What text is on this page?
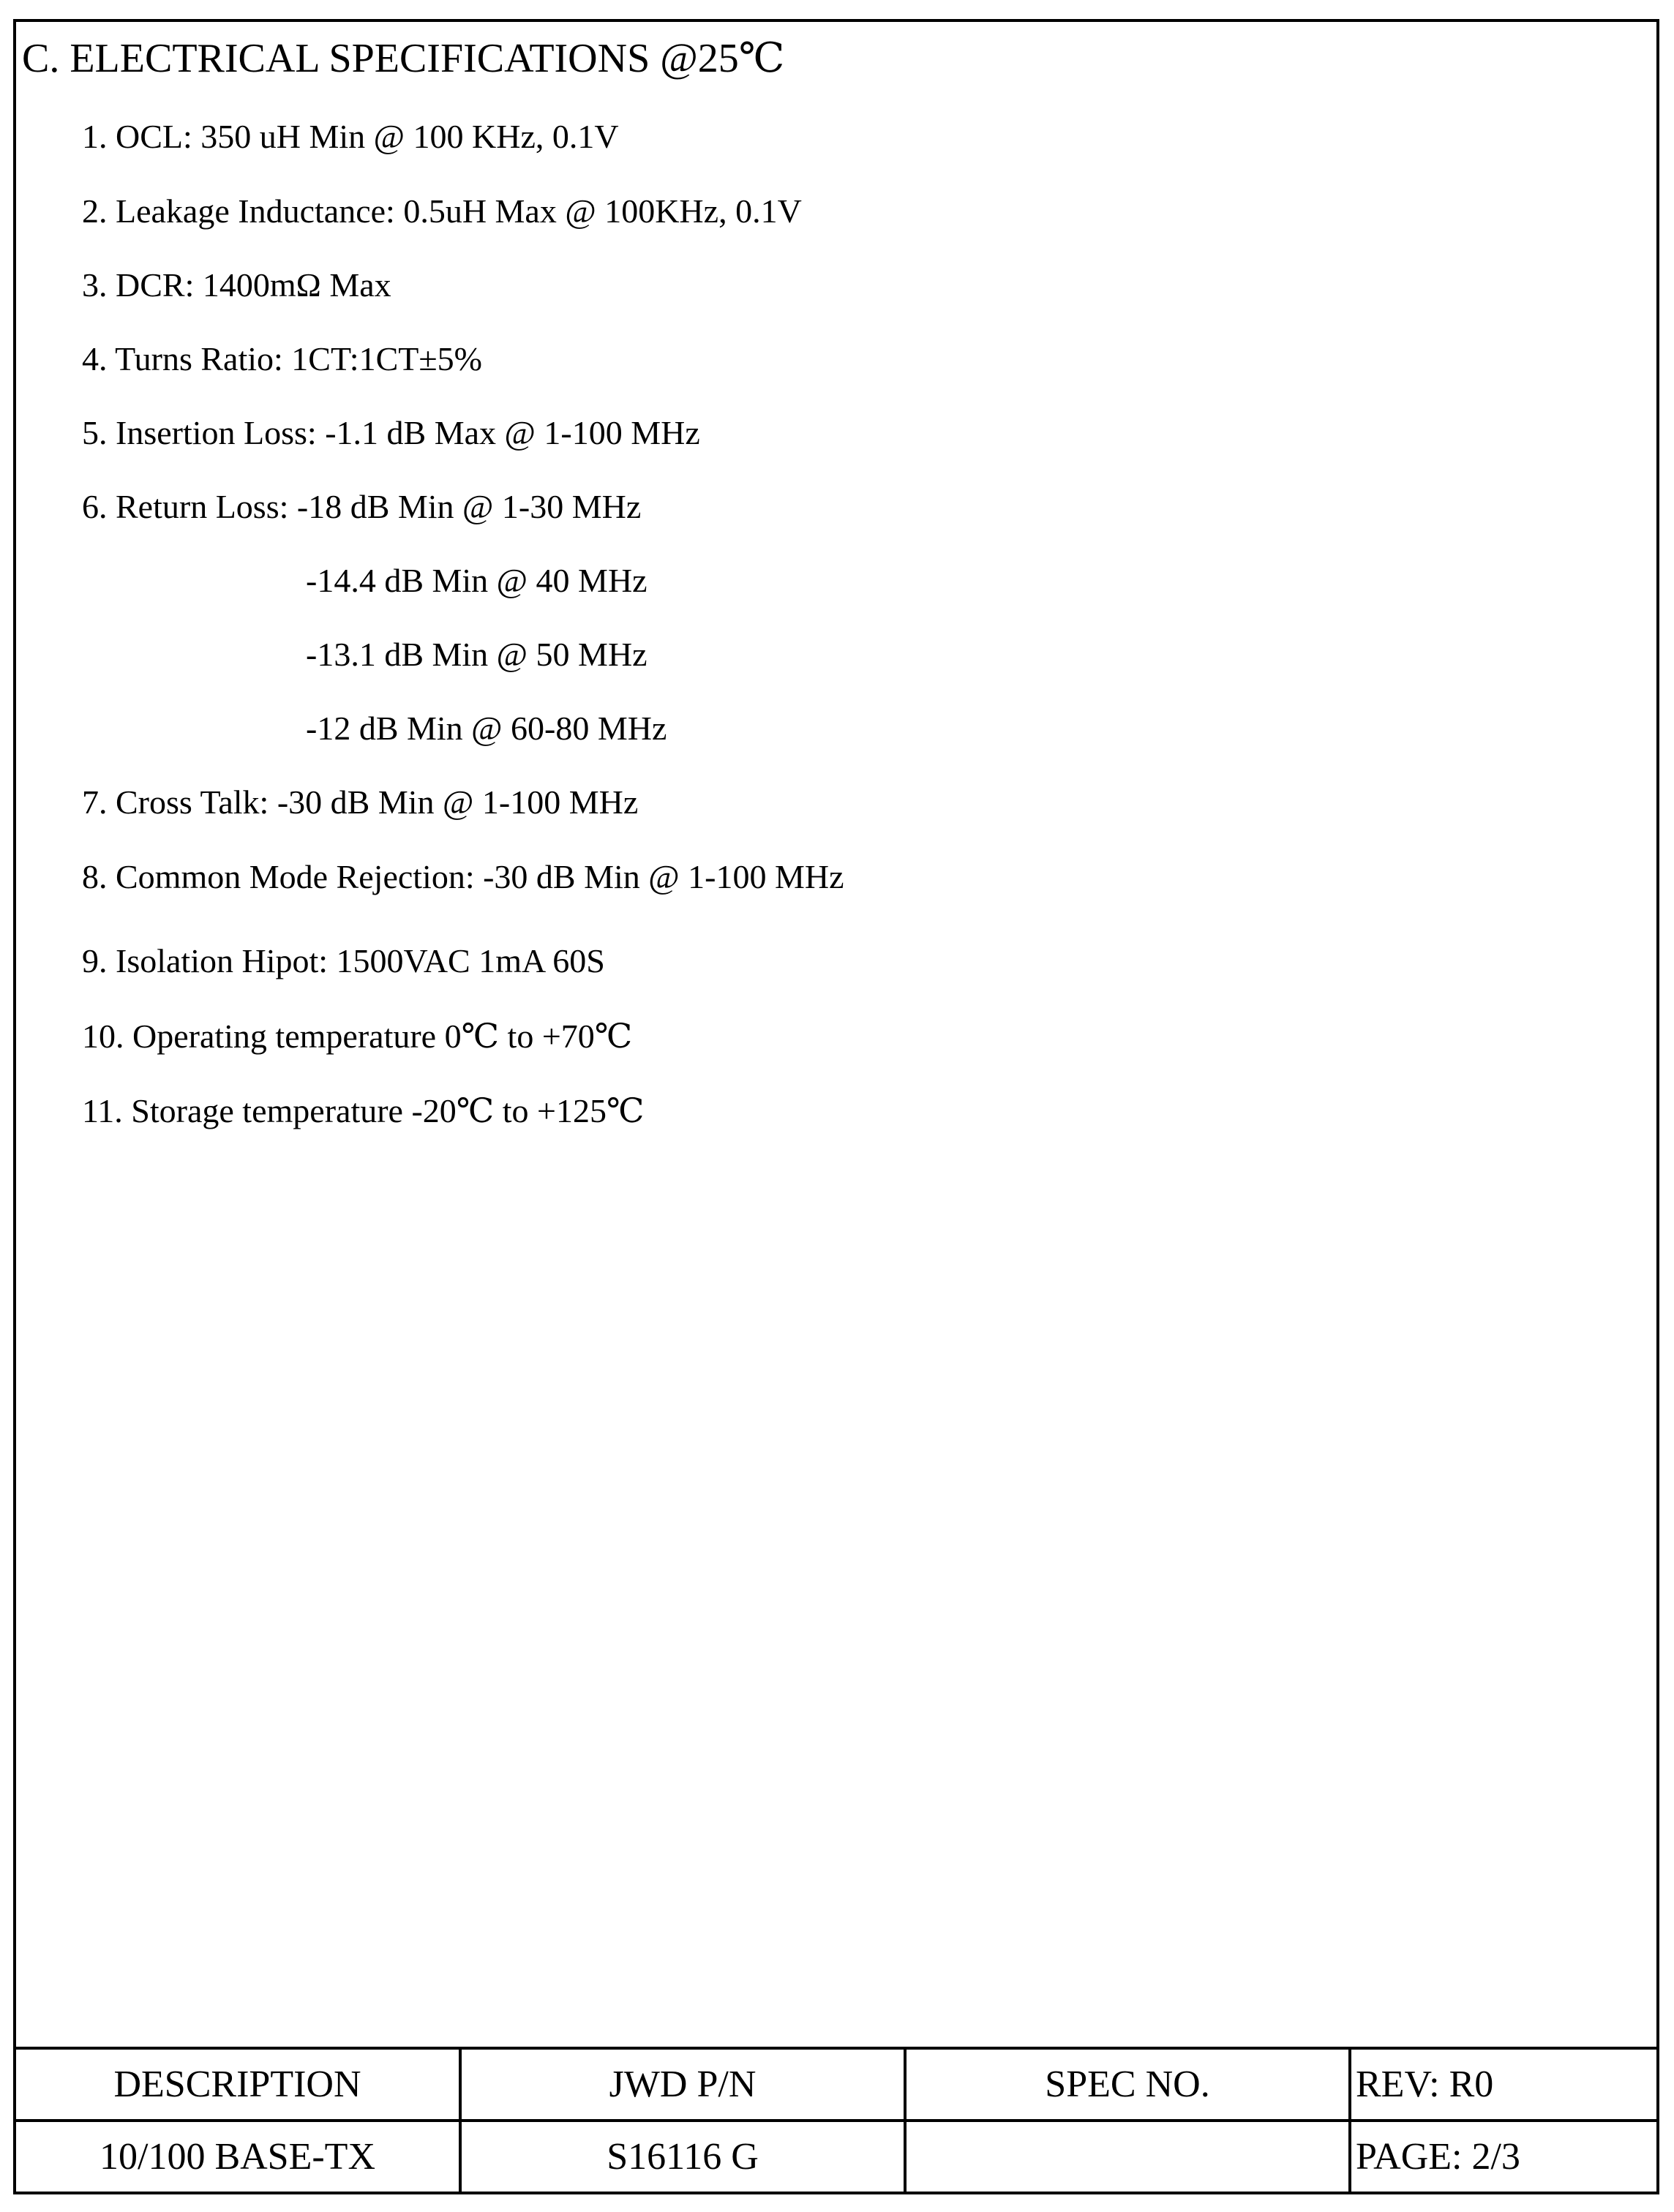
C. ELECTRICAL SPECIFICATIONS @25℃
1. OCL: 350 uH Min @ 100 KHz, 0.1V
2. Leakage Inductance: 0.5uH Max @ 100KHz, 0.1V
3. DCR: 1400mΩ Max
4. Turns Ratio: 1CT:1CT±5%
5. Insertion Loss: -1.1 dB Max @ 1-100 MHz
6. Return Loss: -18 dB Min @ 1-30 MHz
-14.4 dB Min @ 40 MHz
-13.1 dB Min @ 50 MHz
-12 dB Min @ 60-80 MHz
7. Cross Talk: -30 dB Min @ 1-100 MHz
8. Common Mode Rejection: -30 dB Min @ 1-100 MHz
9. Isolation Hipot: 1500VAC 1mA 60S
10. Operating temperature 0℃ to +70℃
11. Storage temperature -20℃ to +125℃
DESCRIPTION	JWD P/N	SPEC NO.	REV: R0
10/100 BASE-TX	S16116 G		PAGE: 2/3
